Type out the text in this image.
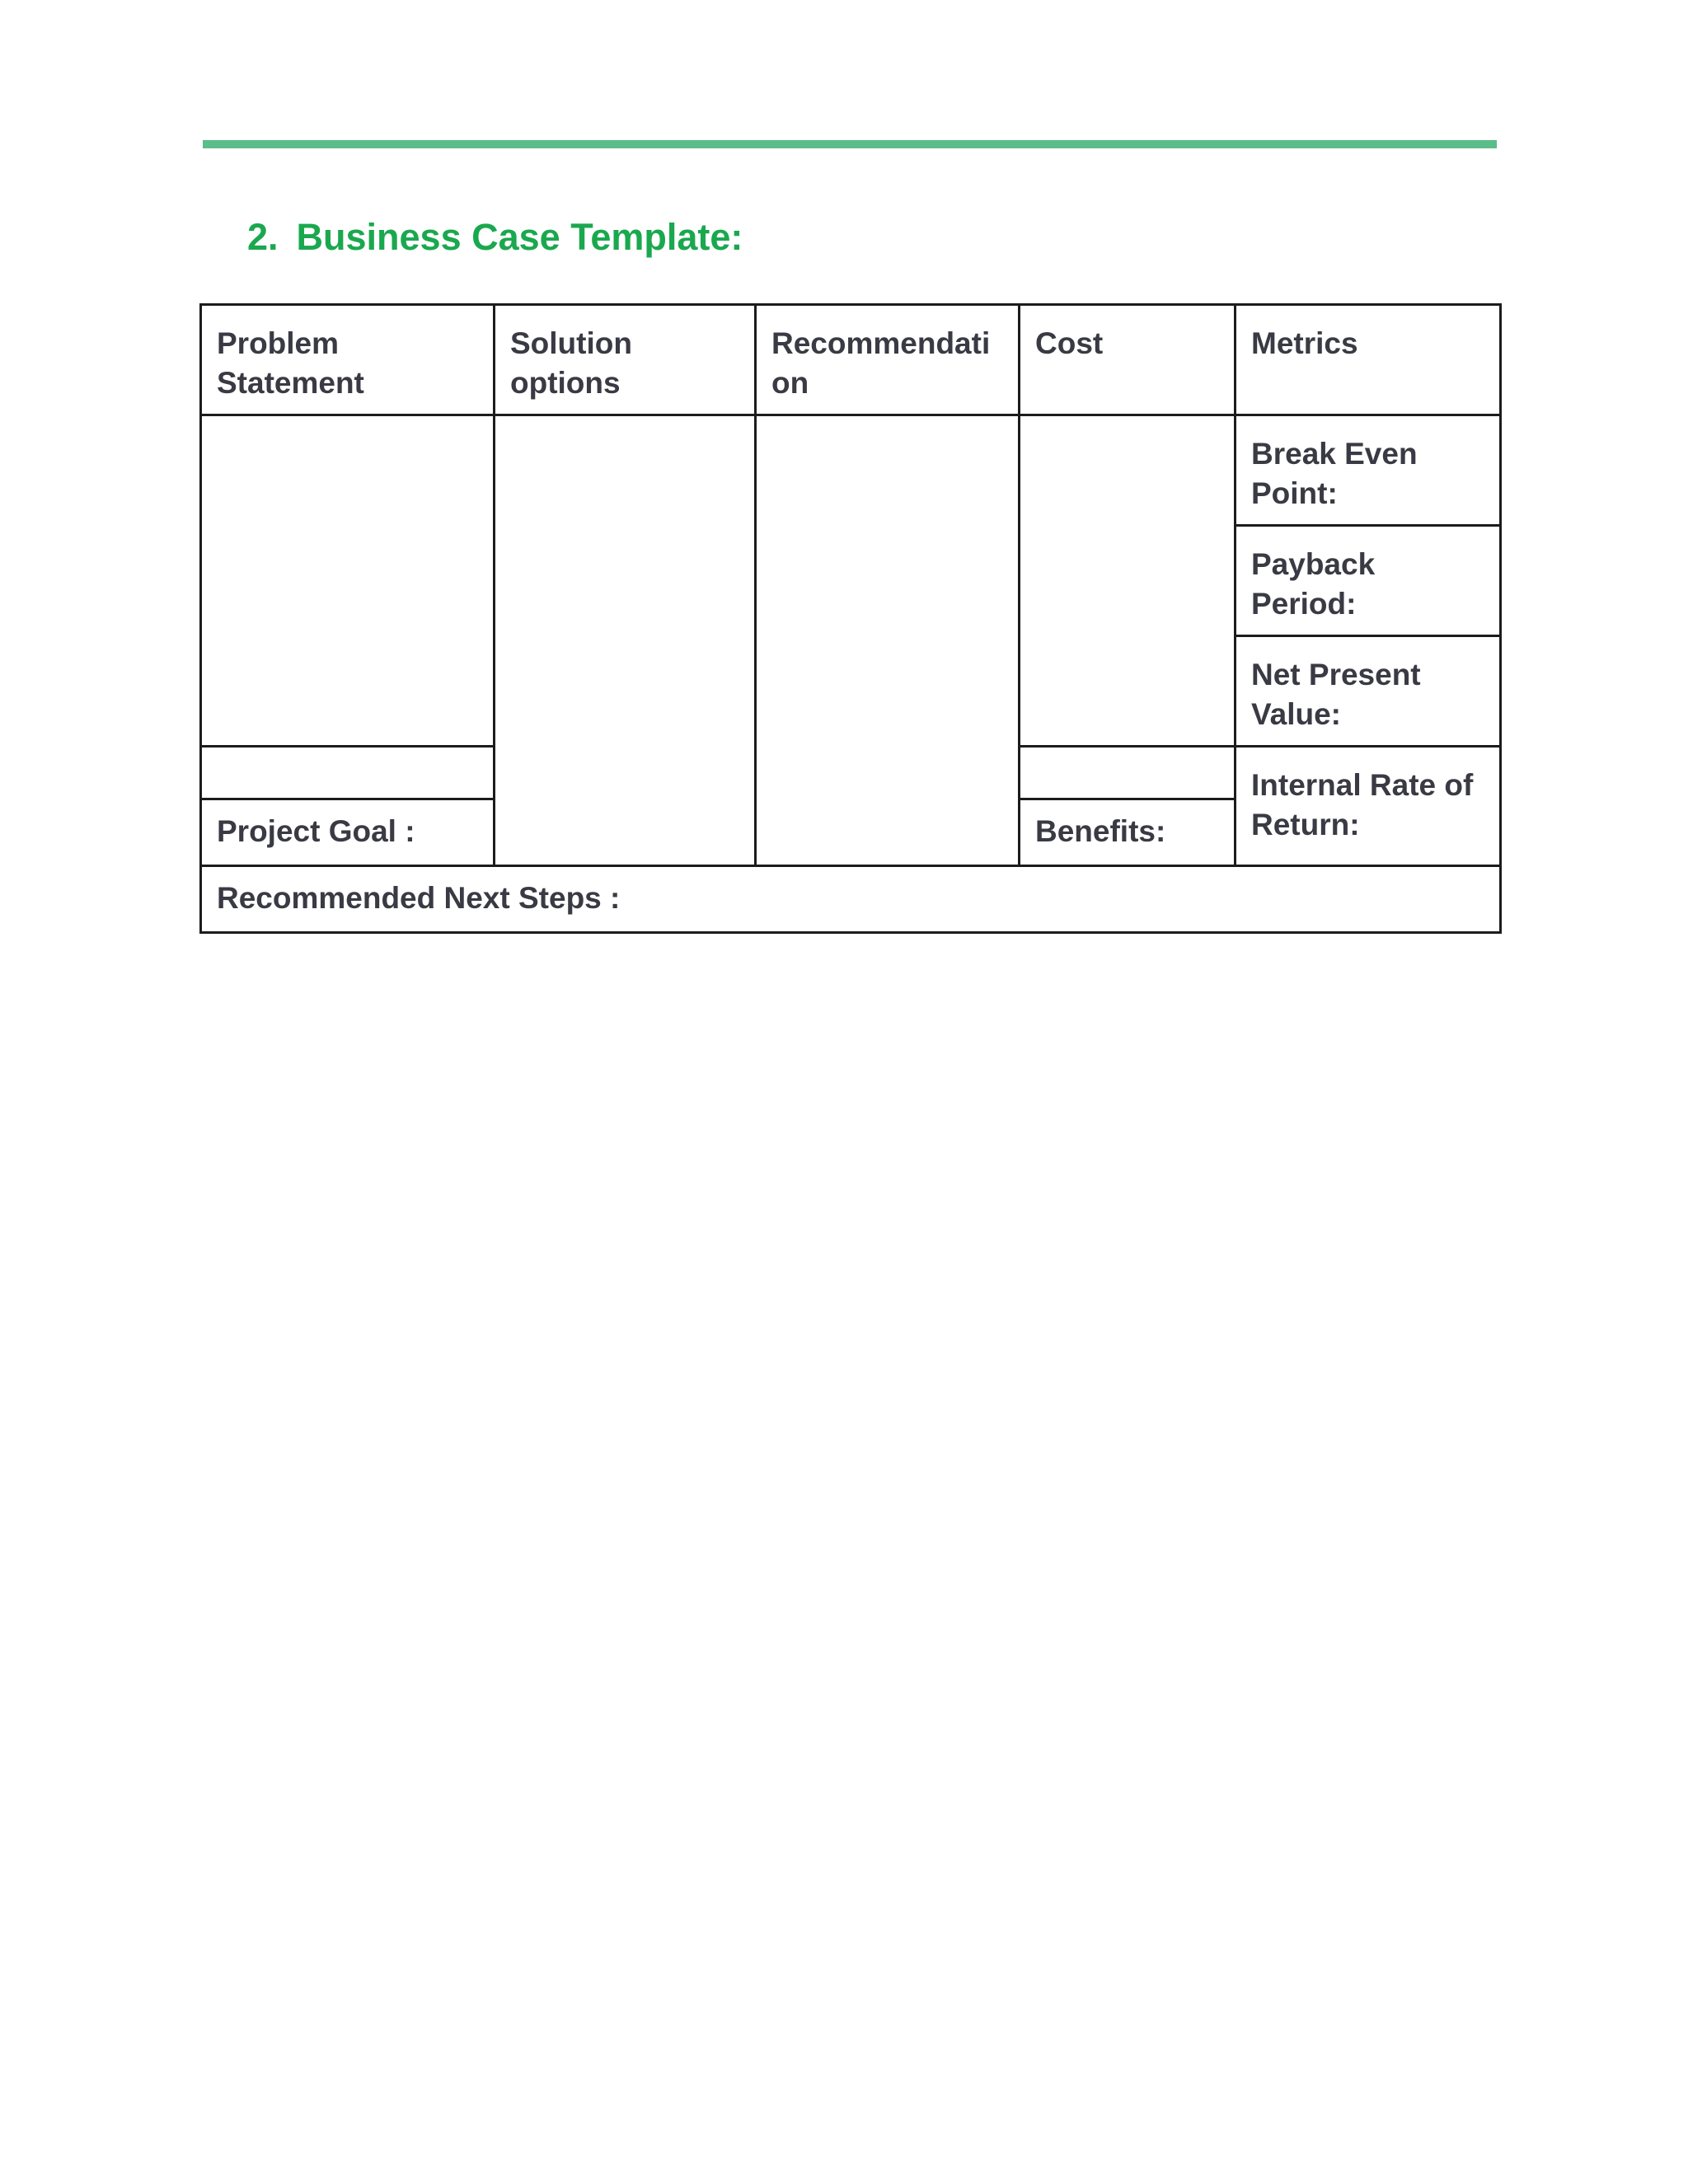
2. Business Case Template:
Problem Statement	Solution options	Recommendation	Cost	Metrics
				Break Even Point:
				Payback Period:
				Net Present Value:
				Internal Rate of Return:
Project Goal :			Benefits:	
Recommended Next Steps :				
